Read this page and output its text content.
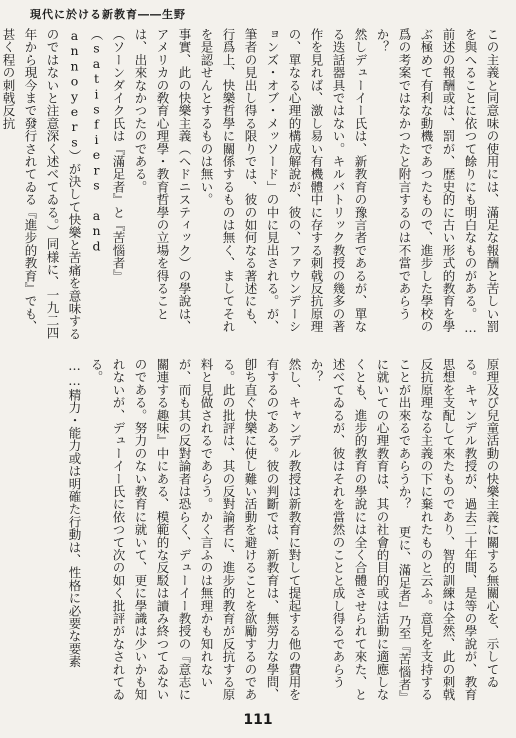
現代に於ける新教育――生野
この主義と同意味の使用には、滿足な報酬と苦しい罰を與へることに依つて餘りにも明白なものがある。…前述の報酬或は、罰が、歴史的に古い形式的教育を學ぶ極めて有利な動機であつたもので、進步した學校の爲の考案ではなかつたと附言するのは不當であらうか？
然しデューイー氏は、新教育の豫言者であるが、單なる迭話器具ではない。キルバトリック教授の幾多の著作を見れば、激し易い有機體中に存する刺戟反抗原理の、單なる心理的構成解說が、彼の、ファウンデーションズ・オブ・メッソード」の中に見出される。が、筆者の見出し得る限りでは、彼の如何なる著述にも、行爲上、快樂哲學に關係するものは無く、ましてそれを是認せんとするものは無い。
事實、此の快樂主義（ヘドニスティック）の學說は、アメリカの敎育心理學・教育哲學の立場を得ることは、出來なかつたのである。
（ソーンダイク氏は『滿足者』と『苦惱者』（satisfiers and annoyers）が決して快樂と苦痛を意味するのではないと注意深く述べてゐる。）同様に、一九二四年から現今まで發行されてゐる『進步的教育』でも、甚く程の刺戟反抗
原理及び兒童活動の快樂主義に關する無關心を、示してゐる。キャンデル教授が、過去二十年間、是等の學說が、教育思想を支配して來たものであり、智的訓練は全然、此の刺戟反抗原理なる主義の下に棄れたものと云ふ。意見を支持することが出來るであらうか？ 更に、滿足者』乃至『苦惱者』に就いての心理教育は、其の社會的目的或は活動に適應しなくとも、進步的教育の學說には全く合體させられて來た、と述べてゐるが、彼はそれを當然のことと成し得るであらうか？
然し、キャンデル教授は新教育に對して提起する他の費用を有するのである。彼の判斷では、新教育は、無勞力な學問、卽ち直ぐ快樂に使し難い活動を避けることを欲勵するのである。此の批評は、其の反對論者に、進步的教育が反抗する原料と見做されるであらう。かく言ふのは無理かも知れないが、而も其の反對論者は恐らく、デューイー教授の『意志に關連する趣味』中にある、模範的な反駁は讀み終つてゐないのである。努力のない教育に就いて、更に學識は少いかも知れないが、デューイー氏に依つて次の如く批評がなされてゐる。
……精力・能力或は明確た行動は、性格に必要な要素
111
